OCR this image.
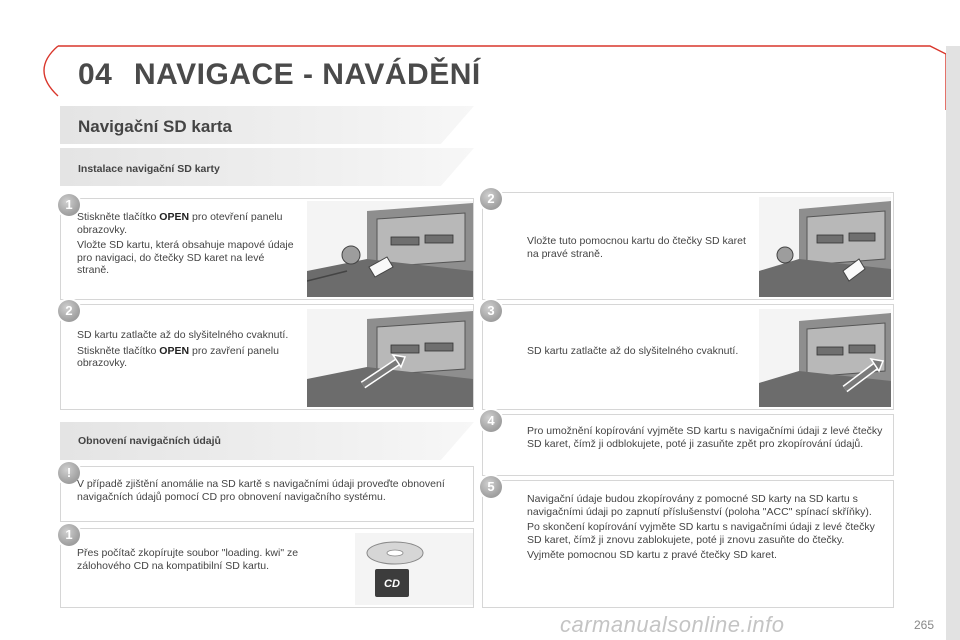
04 NAVIGACE - NAVÁDĚNÍ
Navigační SD karta
Instalace navigační SD karty
1

Stiskněte tlačítko OPEN pro otevření panelu obrazovky.

Vložte SD kartu, která obsahuje mapové údaje pro navigaci, do čtečky SD karet na levé straně.

2

SD kartu zatlačte až do slyšitelného cvaknutí.

Stiskněte tlačítko OPEN pro zavření panelu obrazovky.

Obnovení navigačních údajů
!
V případě zjištění anomálie na SD kartě s navigačními údaji proveďte obnovení navigačních údajů pomocí CD pro obnovení navigačního systému.
1
Přes počítač zkopírujte soubor "loading. kwi" ze zálohového CD na kompatibilní SD kartu.
CD
2
Vložte tuto pomocnou kartu do čtečky SD karet na pravé straně.
3
SD kartu zatlačte až do slyšitelného cvaknutí.
4
Pro umožnění kopírování vyjměte SD kartu s navigačními údaji z levé čtečky SD karet, čímž ji odblokujete, poté ji zasuňte zpět pro zkopírování údajů.
5

Navigační údaje budou zkopírovány z pomocné SD karty na SD kartu s navigačními údaji po zapnutí příslušenství (poloha "ACC" spínací skříňky).

Po skončení kopírování vyjměte SD kartu s navigačními údaji z levé čtečky SD karet, čímž ji znovu zablokujete, poté ji znovu zasuňte do čtečky.

Vyjměte pomocnou SD kartu z pravé čtečky SD karet.

carmanualsonline.info	265
